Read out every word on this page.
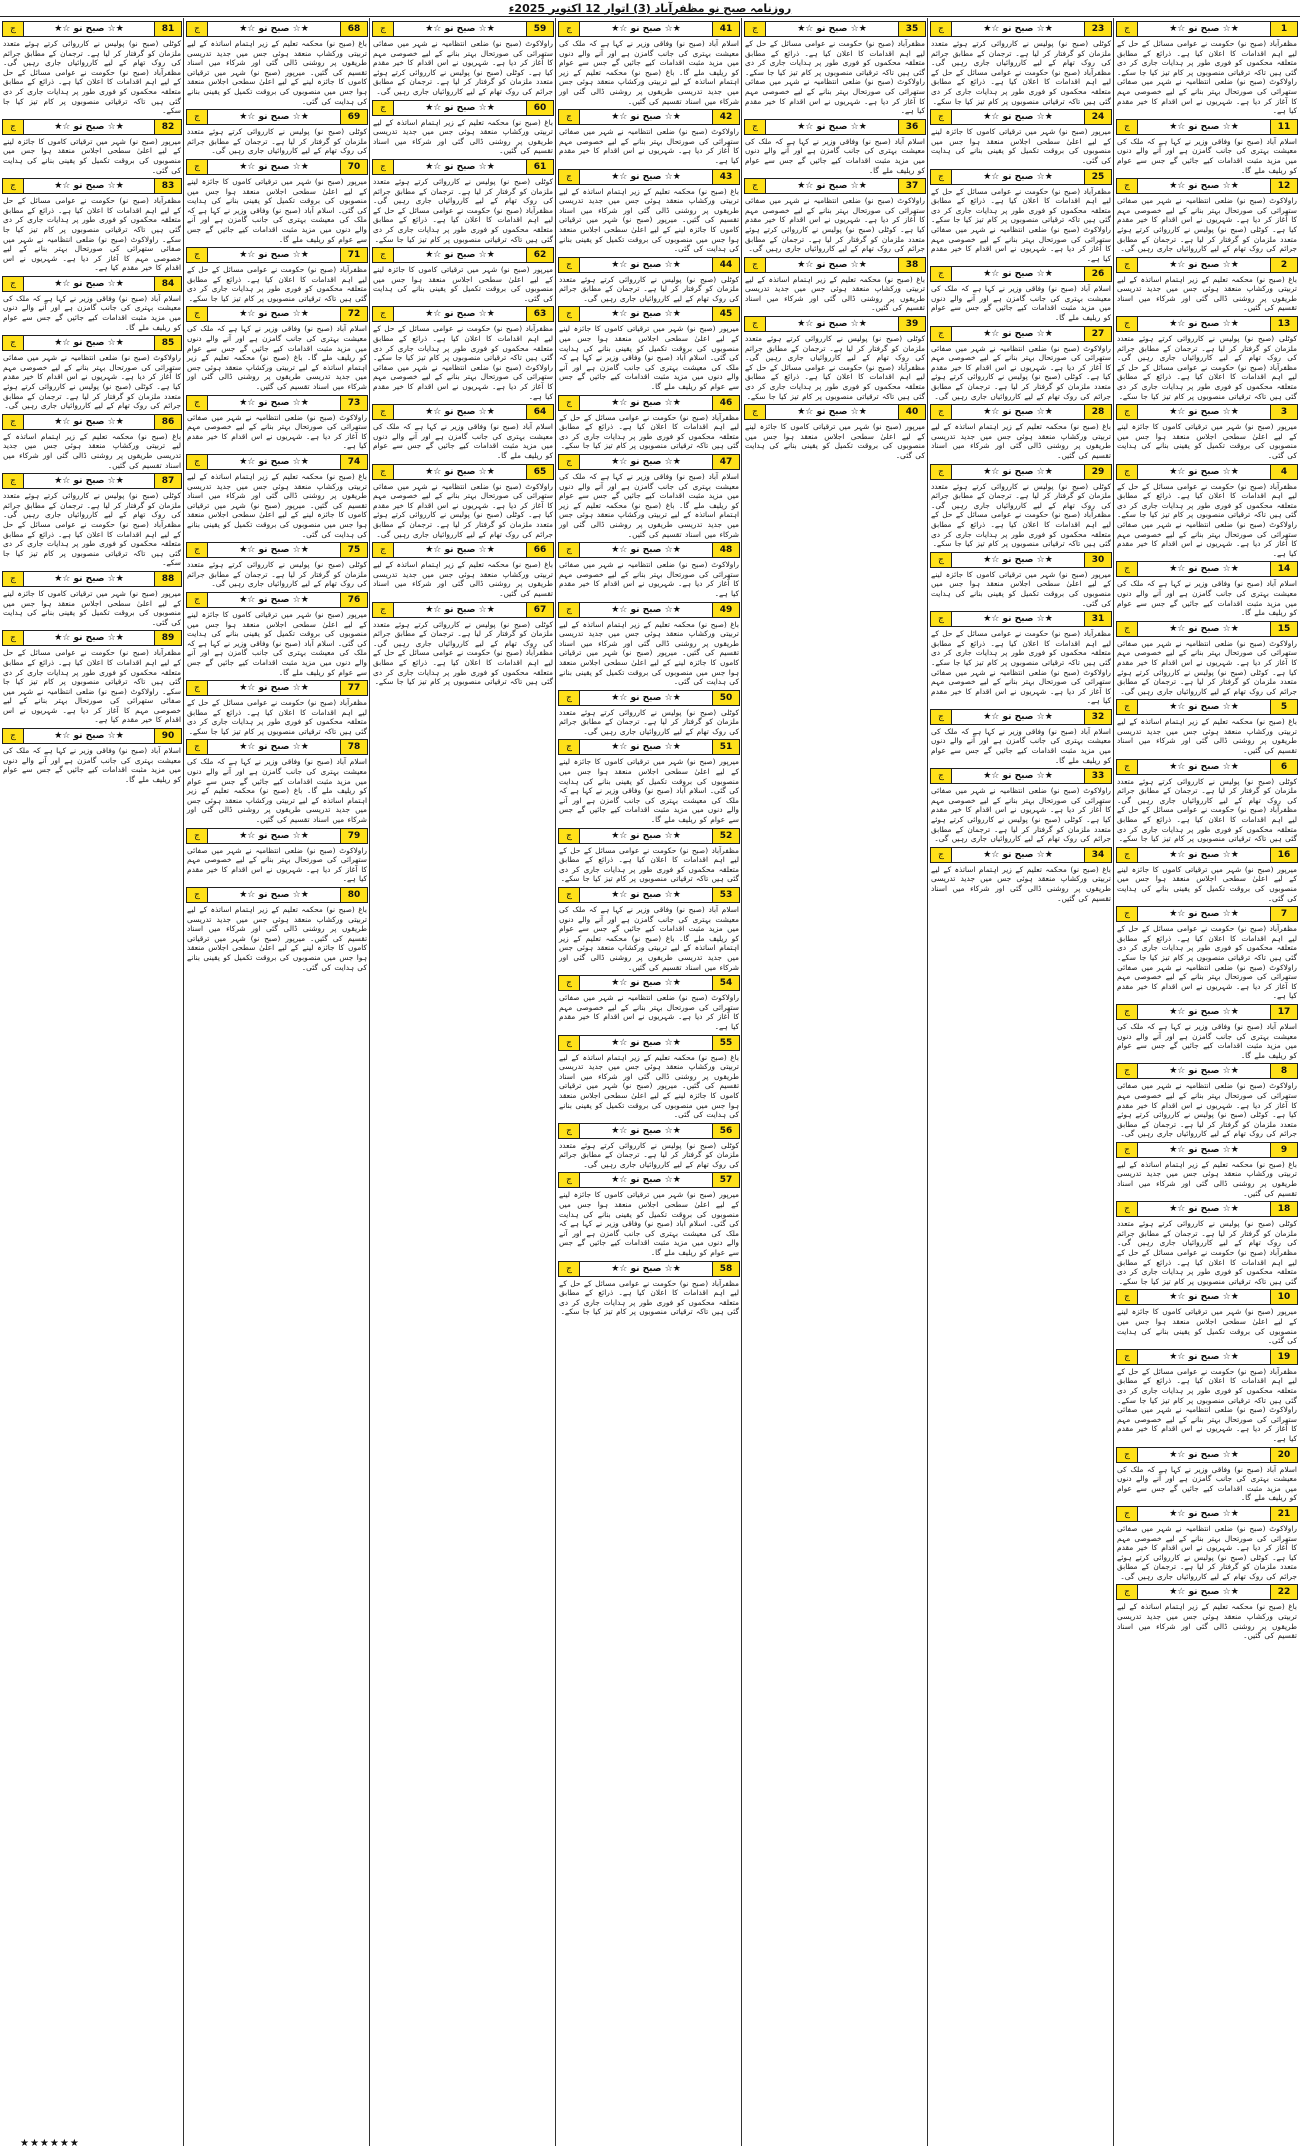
روزنامہ صبح نو مظفرآباد (3) اتوار 12 اکتوبر 2025ء
1
★☆ صبح نو ☆★
ج
مظفرآباد (صبح نو) حکومت نے عوامی مسائل کے حل کے لیے اہم اقدامات کا اعلان کیا ہے۔ ذرائع کے مطابق متعلقہ محکموں کو فوری طور پر ہدایات جاری کر دی گئی ہیں تاکہ ترقیاتی منصوبوں پر کام تیز کیا جا سکے۔ راولاکوٹ (صبح نو) ضلعی انتظامیہ نے شہر میں صفائی ستھرائی کی صورتحال بہتر بنانے کے لیے خصوصی مہم کا آغاز کر دیا ہے۔ شہریوں نے اس اقدام کا خیر مقدم کیا ہے۔
11
★☆ صبح نو ☆★
ج
اسلام آباد (صبح نو) وفاقی وزیر نے کہا ہے کہ ملک کی معیشت بہتری کی جانب گامزن ہے اور آنے والے دنوں میں مزید مثبت اقدامات کیے جائیں گے جس سے عوام کو ریلیف ملے گا۔
12
★☆ صبح نو ☆★
ج
راولاکوٹ (صبح نو) ضلعی انتظامیہ نے شہر میں صفائی ستھرائی کی صورتحال بہتر بنانے کے لیے خصوصی مہم کا آغاز کر دیا ہے۔ شہریوں نے اس اقدام کا خیر مقدم کیا ہے۔ کوٹلی (صبح نو) پولیس نے کارروائی کرتے ہوئے متعدد ملزمان کو گرفتار کر لیا ہے۔ ترجمان کے مطابق جرائم کی روک تھام کے لیے کارروائیاں جاری رہیں گی۔
2
★☆ صبح نو ☆★
ج
باغ (صبح نو) محکمہ تعلیم کے زیر اہتمام اساتذہ کے لیے تربیتی ورکشاپ منعقد ہوئی جس میں جدید تدریسی طریقوں پر روشنی ڈالی گئی اور شرکاء میں اسناد تقسیم کی گئیں۔
13
★☆ صبح نو ☆★
ج
کوٹلی (صبح نو) پولیس نے کارروائی کرتے ہوئے متعدد ملزمان کو گرفتار کر لیا ہے۔ ترجمان کے مطابق جرائم کی روک تھام کے لیے کارروائیاں جاری رہیں گی۔ مظفرآباد (صبح نو) حکومت نے عوامی مسائل کے حل کے لیے اہم اقدامات کا اعلان کیا ہے۔ ذرائع کے مطابق متعلقہ محکموں کو فوری طور پر ہدایات جاری کر دی گئی ہیں تاکہ ترقیاتی منصوبوں پر کام تیز کیا جا سکے۔
3
★☆ صبح نو ☆★
ج
میرپور (صبح نو) شہر میں ترقیاتی کاموں کا جائزہ لینے کے لیے اعلیٰ سطحی اجلاس منعقد ہوا جس میں منصوبوں کی بروقت تکمیل کو یقینی بنانے کی ہدایت کی گئی۔
4
★☆ صبح نو ☆★
ج
مظفرآباد (صبح نو) حکومت نے عوامی مسائل کے حل کے لیے اہم اقدامات کا اعلان کیا ہے۔ ذرائع کے مطابق متعلقہ محکموں کو فوری طور پر ہدایات جاری کر دی گئی ہیں تاکہ ترقیاتی منصوبوں پر کام تیز کیا جا سکے۔ راولاکوٹ (صبح نو) ضلعی انتظامیہ نے شہر میں صفائی ستھرائی کی صورتحال بہتر بنانے کے لیے خصوصی مہم کا آغاز کر دیا ہے۔ شہریوں نے اس اقدام کا خیر مقدم کیا ہے۔
14
★☆ صبح نو ☆★
ج
اسلام آباد (صبح نو) وفاقی وزیر نے کہا ہے کہ ملک کی معیشت بہتری کی جانب گامزن ہے اور آنے والے دنوں میں مزید مثبت اقدامات کیے جائیں گے جس سے عوام کو ریلیف ملے گا۔
15
★☆ صبح نو ☆★
ج
راولاکوٹ (صبح نو) ضلعی انتظامیہ نے شہر میں صفائی ستھرائی کی صورتحال بہتر بنانے کے لیے خصوصی مہم کا آغاز کر دیا ہے۔ شہریوں نے اس اقدام کا خیر مقدم کیا ہے۔ کوٹلی (صبح نو) پولیس نے کارروائی کرتے ہوئے متعدد ملزمان کو گرفتار کر لیا ہے۔ ترجمان کے مطابق جرائم کی روک تھام کے لیے کارروائیاں جاری رہیں گی۔
5
★☆ صبح نو ☆★
ج
باغ (صبح نو) محکمہ تعلیم کے زیر اہتمام اساتذہ کے لیے تربیتی ورکشاپ منعقد ہوئی جس میں جدید تدریسی طریقوں پر روشنی ڈالی گئی اور شرکاء میں اسناد تقسیم کی گئیں۔
6
★☆ صبح نو ☆★
ج
کوٹلی (صبح نو) پولیس نے کارروائی کرتے ہوئے متعدد ملزمان کو گرفتار کر لیا ہے۔ ترجمان کے مطابق جرائم کی روک تھام کے لیے کارروائیاں جاری رہیں گی۔ مظفرآباد (صبح نو) حکومت نے عوامی مسائل کے حل کے لیے اہم اقدامات کا اعلان کیا ہے۔ ذرائع کے مطابق متعلقہ محکموں کو فوری طور پر ہدایات جاری کر دی گئی ہیں تاکہ ترقیاتی منصوبوں پر کام تیز کیا جا سکے۔
16
★☆ صبح نو ☆★
ج
میرپور (صبح نو) شہر میں ترقیاتی کاموں کا جائزہ لینے کے لیے اعلیٰ سطحی اجلاس منعقد ہوا جس میں منصوبوں کی بروقت تکمیل کو یقینی بنانے کی ہدایت کی گئی۔
7
★☆ صبح نو ☆★
ج
مظفرآباد (صبح نو) حکومت نے عوامی مسائل کے حل کے لیے اہم اقدامات کا اعلان کیا ہے۔ ذرائع کے مطابق متعلقہ محکموں کو فوری طور پر ہدایات جاری کر دی گئی ہیں تاکہ ترقیاتی منصوبوں پر کام تیز کیا جا سکے۔ راولاکوٹ (صبح نو) ضلعی انتظامیہ نے شہر میں صفائی ستھرائی کی صورتحال بہتر بنانے کے لیے خصوصی مہم کا آغاز کر دیا ہے۔ شہریوں نے اس اقدام کا خیر مقدم کیا ہے۔
17
★☆ صبح نو ☆★
ج
اسلام آباد (صبح نو) وفاقی وزیر نے کہا ہے کہ ملک کی معیشت بہتری کی جانب گامزن ہے اور آنے والے دنوں میں مزید مثبت اقدامات کیے جائیں گے جس سے عوام کو ریلیف ملے گا۔
8
★☆ صبح نو ☆★
ج
راولاکوٹ (صبح نو) ضلعی انتظامیہ نے شہر میں صفائی ستھرائی کی صورتحال بہتر بنانے کے لیے خصوصی مہم کا آغاز کر دیا ہے۔ شہریوں نے اس اقدام کا خیر مقدم کیا ہے۔ کوٹلی (صبح نو) پولیس نے کارروائی کرتے ہوئے متعدد ملزمان کو گرفتار کر لیا ہے۔ ترجمان کے مطابق جرائم کی روک تھام کے لیے کارروائیاں جاری رہیں گی۔
9
★☆ صبح نو ☆★
ج
باغ (صبح نو) محکمہ تعلیم کے زیر اہتمام اساتذہ کے لیے تربیتی ورکشاپ منعقد ہوئی جس میں جدید تدریسی طریقوں پر روشنی ڈالی گئی اور شرکاء میں اسناد تقسیم کی گئیں۔
18
★☆ صبح نو ☆★
ج
کوٹلی (صبح نو) پولیس نے کارروائی کرتے ہوئے متعدد ملزمان کو گرفتار کر لیا ہے۔ ترجمان کے مطابق جرائم کی روک تھام کے لیے کارروائیاں جاری رہیں گی۔ مظفرآباد (صبح نو) حکومت نے عوامی مسائل کے حل کے لیے اہم اقدامات کا اعلان کیا ہے۔ ذرائع کے مطابق متعلقہ محکموں کو فوری طور پر ہدایات جاری کر دی گئی ہیں تاکہ ترقیاتی منصوبوں پر کام تیز کیا جا سکے۔
10
★☆ صبح نو ☆★
ج
میرپور (صبح نو) شہر میں ترقیاتی کاموں کا جائزہ لینے کے لیے اعلیٰ سطحی اجلاس منعقد ہوا جس میں منصوبوں کی بروقت تکمیل کو یقینی بنانے کی ہدایت کی گئی۔
19
★☆ صبح نو ☆★
ج
مظفرآباد (صبح نو) حکومت نے عوامی مسائل کے حل کے لیے اہم اقدامات کا اعلان کیا ہے۔ ذرائع کے مطابق متعلقہ محکموں کو فوری طور پر ہدایات جاری کر دی گئی ہیں تاکہ ترقیاتی منصوبوں پر کام تیز کیا جا سکے۔ راولاکوٹ (صبح نو) ضلعی انتظامیہ نے شہر میں صفائی ستھرائی کی صورتحال بہتر بنانے کے لیے خصوصی مہم کا آغاز کر دیا ہے۔ شہریوں نے اس اقدام کا خیر مقدم کیا ہے۔
20
★☆ صبح نو ☆★
ج
اسلام آباد (صبح نو) وفاقی وزیر نے کہا ہے کہ ملک کی معیشت بہتری کی جانب گامزن ہے اور آنے والے دنوں میں مزید مثبت اقدامات کیے جائیں گے جس سے عوام کو ریلیف ملے گا۔
21
★☆ صبح نو ☆★
ج
راولاکوٹ (صبح نو) ضلعی انتظامیہ نے شہر میں صفائی ستھرائی کی صورتحال بہتر بنانے کے لیے خصوصی مہم کا آغاز کر دیا ہے۔ شہریوں نے اس اقدام کا خیر مقدم کیا ہے۔ کوٹلی (صبح نو) پولیس نے کارروائی کرتے ہوئے متعدد ملزمان کو گرفتار کر لیا ہے۔ ترجمان کے مطابق جرائم کی روک تھام کے لیے کارروائیاں جاری رہیں گی۔
22
★☆ صبح نو ☆★
ج
باغ (صبح نو) محکمہ تعلیم کے زیر اہتمام اساتذہ کے لیے تربیتی ورکشاپ منعقد ہوئی جس میں جدید تدریسی طریقوں پر روشنی ڈالی گئی اور شرکاء میں اسناد تقسیم کی گئیں۔
23
★☆ صبح نو ☆★
ج
کوٹلی (صبح نو) پولیس نے کارروائی کرتے ہوئے متعدد ملزمان کو گرفتار کر لیا ہے۔ ترجمان کے مطابق جرائم کی روک تھام کے لیے کارروائیاں جاری رہیں گی۔ مظفرآباد (صبح نو) حکومت نے عوامی مسائل کے حل کے لیے اہم اقدامات کا اعلان کیا ہے۔ ذرائع کے مطابق متعلقہ محکموں کو فوری طور پر ہدایات جاری کر دی گئی ہیں تاکہ ترقیاتی منصوبوں پر کام تیز کیا جا سکے۔
24
★☆ صبح نو ☆★
ج
میرپور (صبح نو) شہر میں ترقیاتی کاموں کا جائزہ لینے کے لیے اعلیٰ سطحی اجلاس منعقد ہوا جس میں منصوبوں کی بروقت تکمیل کو یقینی بنانے کی ہدایت کی گئی۔
25
★☆ صبح نو ☆★
ج
مظفرآباد (صبح نو) حکومت نے عوامی مسائل کے حل کے لیے اہم اقدامات کا اعلان کیا ہے۔ ذرائع کے مطابق متعلقہ محکموں کو فوری طور پر ہدایات جاری کر دی گئی ہیں تاکہ ترقیاتی منصوبوں پر کام تیز کیا جا سکے۔ راولاکوٹ (صبح نو) ضلعی انتظامیہ نے شہر میں صفائی ستھرائی کی صورتحال بہتر بنانے کے لیے خصوصی مہم کا آغاز کر دیا ہے۔ شہریوں نے اس اقدام کا خیر مقدم کیا ہے۔
26
★☆ صبح نو ☆★
ج
اسلام آباد (صبح نو) وفاقی وزیر نے کہا ہے کہ ملک کی معیشت بہتری کی جانب گامزن ہے اور آنے والے دنوں میں مزید مثبت اقدامات کیے جائیں گے جس سے عوام کو ریلیف ملے گا۔
27
★☆ صبح نو ☆★
ج
راولاکوٹ (صبح نو) ضلعی انتظامیہ نے شہر میں صفائی ستھرائی کی صورتحال بہتر بنانے کے لیے خصوصی مہم کا آغاز کر دیا ہے۔ شہریوں نے اس اقدام کا خیر مقدم کیا ہے۔ کوٹلی (صبح نو) پولیس نے کارروائی کرتے ہوئے متعدد ملزمان کو گرفتار کر لیا ہے۔ ترجمان کے مطابق جرائم کی روک تھام کے لیے کارروائیاں جاری رہیں گی۔
28
★☆ صبح نو ☆★
ج
باغ (صبح نو) محکمہ تعلیم کے زیر اہتمام اساتذہ کے لیے تربیتی ورکشاپ منعقد ہوئی جس میں جدید تدریسی طریقوں پر روشنی ڈالی گئی اور شرکاء میں اسناد تقسیم کی گئیں۔
29
★☆ صبح نو ☆★
ج
کوٹلی (صبح نو) پولیس نے کارروائی کرتے ہوئے متعدد ملزمان کو گرفتار کر لیا ہے۔ ترجمان کے مطابق جرائم کی روک تھام کے لیے کارروائیاں جاری رہیں گی۔ مظفرآباد (صبح نو) حکومت نے عوامی مسائل کے حل کے لیے اہم اقدامات کا اعلان کیا ہے۔ ذرائع کے مطابق متعلقہ محکموں کو فوری طور پر ہدایات جاری کر دی گئی ہیں تاکہ ترقیاتی منصوبوں پر کام تیز کیا جا سکے۔
30
★☆ صبح نو ☆★
ج
میرپور (صبح نو) شہر میں ترقیاتی کاموں کا جائزہ لینے کے لیے اعلیٰ سطحی اجلاس منعقد ہوا جس میں منصوبوں کی بروقت تکمیل کو یقینی بنانے کی ہدایت کی گئی۔
31
★☆ صبح نو ☆★
ج
مظفرآباد (صبح نو) حکومت نے عوامی مسائل کے حل کے لیے اہم اقدامات کا اعلان کیا ہے۔ ذرائع کے مطابق متعلقہ محکموں کو فوری طور پر ہدایات جاری کر دی گئی ہیں تاکہ ترقیاتی منصوبوں پر کام تیز کیا جا سکے۔ راولاکوٹ (صبح نو) ضلعی انتظامیہ نے شہر میں صفائی ستھرائی کی صورتحال بہتر بنانے کے لیے خصوصی مہم کا آغاز کر دیا ہے۔ شہریوں نے اس اقدام کا خیر مقدم کیا ہے۔
32
★☆ صبح نو ☆★
ج
اسلام آباد (صبح نو) وفاقی وزیر نے کہا ہے کہ ملک کی معیشت بہتری کی جانب گامزن ہے اور آنے والے دنوں میں مزید مثبت اقدامات کیے جائیں گے جس سے عوام کو ریلیف ملے گا۔
33
★☆ صبح نو ☆★
ج
راولاکوٹ (صبح نو) ضلعی انتظامیہ نے شہر میں صفائی ستھرائی کی صورتحال بہتر بنانے کے لیے خصوصی مہم کا آغاز کر دیا ہے۔ شہریوں نے اس اقدام کا خیر مقدم کیا ہے۔ کوٹلی (صبح نو) پولیس نے کارروائی کرتے ہوئے متعدد ملزمان کو گرفتار کر لیا ہے۔ ترجمان کے مطابق جرائم کی روک تھام کے لیے کارروائیاں جاری رہیں گی۔
34
★☆ صبح نو ☆★
ج
باغ (صبح نو) محکمہ تعلیم کے زیر اہتمام اساتذہ کے لیے تربیتی ورکشاپ منعقد ہوئی جس میں جدید تدریسی طریقوں پر روشنی ڈالی گئی اور شرکاء میں اسناد تقسیم کی گئیں۔
35
★☆ صبح نو ☆★
ج
مظفرآباد (صبح نو) حکومت نے عوامی مسائل کے حل کے لیے اہم اقدامات کا اعلان کیا ہے۔ ذرائع کے مطابق متعلقہ محکموں کو فوری طور پر ہدایات جاری کر دی گئی ہیں تاکہ ترقیاتی منصوبوں پر کام تیز کیا جا سکے۔ راولاکوٹ (صبح نو) ضلعی انتظامیہ نے شہر میں صفائی ستھرائی کی صورتحال بہتر بنانے کے لیے خصوصی مہم کا آغاز کر دیا ہے۔ شہریوں نے اس اقدام کا خیر مقدم کیا ہے۔
36
★☆ صبح نو ☆★
ج
اسلام آباد (صبح نو) وفاقی وزیر نے کہا ہے کہ ملک کی معیشت بہتری کی جانب گامزن ہے اور آنے والے دنوں میں مزید مثبت اقدامات کیے جائیں گے جس سے عوام کو ریلیف ملے گا۔
37
★☆ صبح نو ☆★
ج
راولاکوٹ (صبح نو) ضلعی انتظامیہ نے شہر میں صفائی ستھرائی کی صورتحال بہتر بنانے کے لیے خصوصی مہم کا آغاز کر دیا ہے۔ شہریوں نے اس اقدام کا خیر مقدم کیا ہے۔ کوٹلی (صبح نو) پولیس نے کارروائی کرتے ہوئے متعدد ملزمان کو گرفتار کر لیا ہے۔ ترجمان کے مطابق جرائم کی روک تھام کے لیے کارروائیاں جاری رہیں گی۔
38
★☆ صبح نو ☆★
ج
باغ (صبح نو) محکمہ تعلیم کے زیر اہتمام اساتذہ کے لیے تربیتی ورکشاپ منعقد ہوئی جس میں جدید تدریسی طریقوں پر روشنی ڈالی گئی اور شرکاء میں اسناد تقسیم کی گئیں۔
39
★☆ صبح نو ☆★
ج
کوٹلی (صبح نو) پولیس نے کارروائی کرتے ہوئے متعدد ملزمان کو گرفتار کر لیا ہے۔ ترجمان کے مطابق جرائم کی روک تھام کے لیے کارروائیاں جاری رہیں گی۔ مظفرآباد (صبح نو) حکومت نے عوامی مسائل کے حل کے لیے اہم اقدامات کا اعلان کیا ہے۔ ذرائع کے مطابق متعلقہ محکموں کو فوری طور پر ہدایات جاری کر دی گئی ہیں تاکہ ترقیاتی منصوبوں پر کام تیز کیا جا سکے۔
40
★☆ صبح نو ☆★
ج
میرپور (صبح نو) شہر میں ترقیاتی کاموں کا جائزہ لینے کے لیے اعلیٰ سطحی اجلاس منعقد ہوا جس میں منصوبوں کی بروقت تکمیل کو یقینی بنانے کی ہدایت کی گئی۔
41
★☆ صبح نو ☆★
ج
اسلام آباد (صبح نو) وفاقی وزیر نے کہا ہے کہ ملک کی معیشت بہتری کی جانب گامزن ہے اور آنے والے دنوں میں مزید مثبت اقدامات کیے جائیں گے جس سے عوام کو ریلیف ملے گا۔ باغ (صبح نو) محکمہ تعلیم کے زیر اہتمام اساتذہ کے لیے تربیتی ورکشاپ منعقد ہوئی جس میں جدید تدریسی طریقوں پر روشنی ڈالی گئی اور شرکاء میں اسناد تقسیم کی گئیں۔
42
★☆ صبح نو ☆★
ج
راولاکوٹ (صبح نو) ضلعی انتظامیہ نے شہر میں صفائی ستھرائی کی صورتحال بہتر بنانے کے لیے خصوصی مہم کا آغاز کر دیا ہے۔ شہریوں نے اس اقدام کا خیر مقدم کیا ہے۔
43
★☆ صبح نو ☆★
ج
باغ (صبح نو) محکمہ تعلیم کے زیر اہتمام اساتذہ کے لیے تربیتی ورکشاپ منعقد ہوئی جس میں جدید تدریسی طریقوں پر روشنی ڈالی گئی اور شرکاء میں اسناد تقسیم کی گئیں۔ میرپور (صبح نو) شہر میں ترقیاتی کاموں کا جائزہ لینے کے لیے اعلیٰ سطحی اجلاس منعقد ہوا جس میں منصوبوں کی بروقت تکمیل کو یقینی بنانے کی ہدایت کی گئی۔
44
★☆ صبح نو ☆★
ج
کوٹلی (صبح نو) پولیس نے کارروائی کرتے ہوئے متعدد ملزمان کو گرفتار کر لیا ہے۔ ترجمان کے مطابق جرائم کی روک تھام کے لیے کارروائیاں جاری رہیں گی۔
45
★☆ صبح نو ☆★
ج
میرپور (صبح نو) شہر میں ترقیاتی کاموں کا جائزہ لینے کے لیے اعلیٰ سطحی اجلاس منعقد ہوا جس میں منصوبوں کی بروقت تکمیل کو یقینی بنانے کی ہدایت کی گئی۔ اسلام آباد (صبح نو) وفاقی وزیر نے کہا ہے کہ ملک کی معیشت بہتری کی جانب گامزن ہے اور آنے والے دنوں میں مزید مثبت اقدامات کیے جائیں گے جس سے عوام کو ریلیف ملے گا۔
46
★☆ صبح نو ☆★
ج
مظفرآباد (صبح نو) حکومت نے عوامی مسائل کے حل کے لیے اہم اقدامات کا اعلان کیا ہے۔ ذرائع کے مطابق متعلقہ محکموں کو فوری طور پر ہدایات جاری کر دی گئی ہیں تاکہ ترقیاتی منصوبوں پر کام تیز کیا جا سکے۔
47
★☆ صبح نو ☆★
ج
اسلام آباد (صبح نو) وفاقی وزیر نے کہا ہے کہ ملک کی معیشت بہتری کی جانب گامزن ہے اور آنے والے دنوں میں مزید مثبت اقدامات کیے جائیں گے جس سے عوام کو ریلیف ملے گا۔ باغ (صبح نو) محکمہ تعلیم کے زیر اہتمام اساتذہ کے لیے تربیتی ورکشاپ منعقد ہوئی جس میں جدید تدریسی طریقوں پر روشنی ڈالی گئی اور شرکاء میں اسناد تقسیم کی گئیں۔
48
★☆ صبح نو ☆★
ج
راولاکوٹ (صبح نو) ضلعی انتظامیہ نے شہر میں صفائی ستھرائی کی صورتحال بہتر بنانے کے لیے خصوصی مہم کا آغاز کر دیا ہے۔ شہریوں نے اس اقدام کا خیر مقدم کیا ہے۔
49
★☆ صبح نو ☆★
ج
باغ (صبح نو) محکمہ تعلیم کے زیر اہتمام اساتذہ کے لیے تربیتی ورکشاپ منعقد ہوئی جس میں جدید تدریسی طریقوں پر روشنی ڈالی گئی اور شرکاء میں اسناد تقسیم کی گئیں۔ میرپور (صبح نو) شہر میں ترقیاتی کاموں کا جائزہ لینے کے لیے اعلیٰ سطحی اجلاس منعقد ہوا جس میں منصوبوں کی بروقت تکمیل کو یقینی بنانے کی ہدایت کی گئی۔
50
★☆ صبح نو ☆★
ج
کوٹلی (صبح نو) پولیس نے کارروائی کرتے ہوئے متعدد ملزمان کو گرفتار کر لیا ہے۔ ترجمان کے مطابق جرائم کی روک تھام کے لیے کارروائیاں جاری رہیں گی۔
51
★☆ صبح نو ☆★
ج
میرپور (صبح نو) شہر میں ترقیاتی کاموں کا جائزہ لینے کے لیے اعلیٰ سطحی اجلاس منعقد ہوا جس میں منصوبوں کی بروقت تکمیل کو یقینی بنانے کی ہدایت کی گئی۔ اسلام آباد (صبح نو) وفاقی وزیر نے کہا ہے کہ ملک کی معیشت بہتری کی جانب گامزن ہے اور آنے والے دنوں میں مزید مثبت اقدامات کیے جائیں گے جس سے عوام کو ریلیف ملے گا۔
52
★☆ صبح نو ☆★
ج
مظفرآباد (صبح نو) حکومت نے عوامی مسائل کے حل کے لیے اہم اقدامات کا اعلان کیا ہے۔ ذرائع کے مطابق متعلقہ محکموں کو فوری طور پر ہدایات جاری کر دی گئی ہیں تاکہ ترقیاتی منصوبوں پر کام تیز کیا جا سکے۔
53
★☆ صبح نو ☆★
ج
اسلام آباد (صبح نو) وفاقی وزیر نے کہا ہے کہ ملک کی معیشت بہتری کی جانب گامزن ہے اور آنے والے دنوں میں مزید مثبت اقدامات کیے جائیں گے جس سے عوام کو ریلیف ملے گا۔ باغ (صبح نو) محکمہ تعلیم کے زیر اہتمام اساتذہ کے لیے تربیتی ورکشاپ منعقد ہوئی جس میں جدید تدریسی طریقوں پر روشنی ڈالی گئی اور شرکاء میں اسناد تقسیم کی گئیں۔
54
★☆ صبح نو ☆★
ج
راولاکوٹ (صبح نو) ضلعی انتظامیہ نے شہر میں صفائی ستھرائی کی صورتحال بہتر بنانے کے لیے خصوصی مہم کا آغاز کر دیا ہے۔ شہریوں نے اس اقدام کا خیر مقدم کیا ہے۔
55
★☆ صبح نو ☆★
ج
باغ (صبح نو) محکمہ تعلیم کے زیر اہتمام اساتذہ کے لیے تربیتی ورکشاپ منعقد ہوئی جس میں جدید تدریسی طریقوں پر روشنی ڈالی گئی اور شرکاء میں اسناد تقسیم کی گئیں۔ میرپور (صبح نو) شہر میں ترقیاتی کاموں کا جائزہ لینے کے لیے اعلیٰ سطحی اجلاس منعقد ہوا جس میں منصوبوں کی بروقت تکمیل کو یقینی بنانے کی ہدایت کی گئی۔
56
★☆ صبح نو ☆★
ج
کوٹلی (صبح نو) پولیس نے کارروائی کرتے ہوئے متعدد ملزمان کو گرفتار کر لیا ہے۔ ترجمان کے مطابق جرائم کی روک تھام کے لیے کارروائیاں جاری رہیں گی۔
57
★☆ صبح نو ☆★
ج
میرپور (صبح نو) شہر میں ترقیاتی کاموں کا جائزہ لینے کے لیے اعلیٰ سطحی اجلاس منعقد ہوا جس میں منصوبوں کی بروقت تکمیل کو یقینی بنانے کی ہدایت کی گئی۔ اسلام آباد (صبح نو) وفاقی وزیر نے کہا ہے کہ ملک کی معیشت بہتری کی جانب گامزن ہے اور آنے والے دنوں میں مزید مثبت اقدامات کیے جائیں گے جس سے عوام کو ریلیف ملے گا۔
58
★☆ صبح نو ☆★
ج
مظفرآباد (صبح نو) حکومت نے عوامی مسائل کے حل کے لیے اہم اقدامات کا اعلان کیا ہے۔ ذرائع کے مطابق متعلقہ محکموں کو فوری طور پر ہدایات جاری کر دی گئی ہیں تاکہ ترقیاتی منصوبوں پر کام تیز کیا جا سکے۔
59
★☆ صبح نو ☆★
ج
راولاکوٹ (صبح نو) ضلعی انتظامیہ نے شہر میں صفائی ستھرائی کی صورتحال بہتر بنانے کے لیے خصوصی مہم کا آغاز کر دیا ہے۔ شہریوں نے اس اقدام کا خیر مقدم کیا ہے۔ کوٹلی (صبح نو) پولیس نے کارروائی کرتے ہوئے متعدد ملزمان کو گرفتار کر لیا ہے۔ ترجمان کے مطابق جرائم کی روک تھام کے لیے کارروائیاں جاری رہیں گی۔
60
★☆ صبح نو ☆★
ج
باغ (صبح نو) محکمہ تعلیم کے زیر اہتمام اساتذہ کے لیے تربیتی ورکشاپ منعقد ہوئی جس میں جدید تدریسی طریقوں پر روشنی ڈالی گئی اور شرکاء میں اسناد تقسیم کی گئیں۔
61
★☆ صبح نو ☆★
ج
کوٹلی (صبح نو) پولیس نے کارروائی کرتے ہوئے متعدد ملزمان کو گرفتار کر لیا ہے۔ ترجمان کے مطابق جرائم کی روک تھام کے لیے کارروائیاں جاری رہیں گی۔ مظفرآباد (صبح نو) حکومت نے عوامی مسائل کے حل کے لیے اہم اقدامات کا اعلان کیا ہے۔ ذرائع کے مطابق متعلقہ محکموں کو فوری طور پر ہدایات جاری کر دی گئی ہیں تاکہ ترقیاتی منصوبوں پر کام تیز کیا جا سکے۔
62
★☆ صبح نو ☆★
ج
میرپور (صبح نو) شہر میں ترقیاتی کاموں کا جائزہ لینے کے لیے اعلیٰ سطحی اجلاس منعقد ہوا جس میں منصوبوں کی بروقت تکمیل کو یقینی بنانے کی ہدایت کی گئی۔
63
★☆ صبح نو ☆★
ج
مظفرآباد (صبح نو) حکومت نے عوامی مسائل کے حل کے لیے اہم اقدامات کا اعلان کیا ہے۔ ذرائع کے مطابق متعلقہ محکموں کو فوری طور پر ہدایات جاری کر دی گئی ہیں تاکہ ترقیاتی منصوبوں پر کام تیز کیا جا سکے۔ راولاکوٹ (صبح نو) ضلعی انتظامیہ نے شہر میں صفائی ستھرائی کی صورتحال بہتر بنانے کے لیے خصوصی مہم کا آغاز کر دیا ہے۔ شہریوں نے اس اقدام کا خیر مقدم کیا ہے۔
64
★☆ صبح نو ☆★
ج
اسلام آباد (صبح نو) وفاقی وزیر نے کہا ہے کہ ملک کی معیشت بہتری کی جانب گامزن ہے اور آنے والے دنوں میں مزید مثبت اقدامات کیے جائیں گے جس سے عوام کو ریلیف ملے گا۔
65
★☆ صبح نو ☆★
ج
راولاکوٹ (صبح نو) ضلعی انتظامیہ نے شہر میں صفائی ستھرائی کی صورتحال بہتر بنانے کے لیے خصوصی مہم کا آغاز کر دیا ہے۔ شہریوں نے اس اقدام کا خیر مقدم کیا ہے۔ کوٹلی (صبح نو) پولیس نے کارروائی کرتے ہوئے متعدد ملزمان کو گرفتار کر لیا ہے۔ ترجمان کے مطابق جرائم کی روک تھام کے لیے کارروائیاں جاری رہیں گی۔
66
★☆ صبح نو ☆★
ج
باغ (صبح نو) محکمہ تعلیم کے زیر اہتمام اساتذہ کے لیے تربیتی ورکشاپ منعقد ہوئی جس میں جدید تدریسی طریقوں پر روشنی ڈالی گئی اور شرکاء میں اسناد تقسیم کی گئیں۔
67
★☆ صبح نو ☆★
ج
کوٹلی (صبح نو) پولیس نے کارروائی کرتے ہوئے متعدد ملزمان کو گرفتار کر لیا ہے۔ ترجمان کے مطابق جرائم کی روک تھام کے لیے کارروائیاں جاری رہیں گی۔ مظفرآباد (صبح نو) حکومت نے عوامی مسائل کے حل کے لیے اہم اقدامات کا اعلان کیا ہے۔ ذرائع کے مطابق متعلقہ محکموں کو فوری طور پر ہدایات جاری کر دی گئی ہیں تاکہ ترقیاتی منصوبوں پر کام تیز کیا جا سکے۔
68
★☆ صبح نو ☆★
ج
باغ (صبح نو) محکمہ تعلیم کے زیر اہتمام اساتذہ کے لیے تربیتی ورکشاپ منعقد ہوئی جس میں جدید تدریسی طریقوں پر روشنی ڈالی گئی اور شرکاء میں اسناد تقسیم کی گئیں۔ میرپور (صبح نو) شہر میں ترقیاتی کاموں کا جائزہ لینے کے لیے اعلیٰ سطحی اجلاس منعقد ہوا جس میں منصوبوں کی بروقت تکمیل کو یقینی بنانے کی ہدایت کی گئی۔
69
★☆ صبح نو ☆★
ج
کوٹلی (صبح نو) پولیس نے کارروائی کرتے ہوئے متعدد ملزمان کو گرفتار کر لیا ہے۔ ترجمان کے مطابق جرائم کی روک تھام کے لیے کارروائیاں جاری رہیں گی۔
70
★☆ صبح نو ☆★
ج
میرپور (صبح نو) شہر میں ترقیاتی کاموں کا جائزہ لینے کے لیے اعلیٰ سطحی اجلاس منعقد ہوا جس میں منصوبوں کی بروقت تکمیل کو یقینی بنانے کی ہدایت کی گئی۔ اسلام آباد (صبح نو) وفاقی وزیر نے کہا ہے کہ ملک کی معیشت بہتری کی جانب گامزن ہے اور آنے والے دنوں میں مزید مثبت اقدامات کیے جائیں گے جس سے عوام کو ریلیف ملے گا۔
71
★☆ صبح نو ☆★
ج
مظفرآباد (صبح نو) حکومت نے عوامی مسائل کے حل کے لیے اہم اقدامات کا اعلان کیا ہے۔ ذرائع کے مطابق متعلقہ محکموں کو فوری طور پر ہدایات جاری کر دی گئی ہیں تاکہ ترقیاتی منصوبوں پر کام تیز کیا جا سکے۔
72
★☆ صبح نو ☆★
ج
اسلام آباد (صبح نو) وفاقی وزیر نے کہا ہے کہ ملک کی معیشت بہتری کی جانب گامزن ہے اور آنے والے دنوں میں مزید مثبت اقدامات کیے جائیں گے جس سے عوام کو ریلیف ملے گا۔ باغ (صبح نو) محکمہ تعلیم کے زیر اہتمام اساتذہ کے لیے تربیتی ورکشاپ منعقد ہوئی جس میں جدید تدریسی طریقوں پر روشنی ڈالی گئی اور شرکاء میں اسناد تقسیم کی گئیں۔
73
★☆ صبح نو ☆★
ج
راولاکوٹ (صبح نو) ضلعی انتظامیہ نے شہر میں صفائی ستھرائی کی صورتحال بہتر بنانے کے لیے خصوصی مہم کا آغاز کر دیا ہے۔ شہریوں نے اس اقدام کا خیر مقدم کیا ہے۔
74
★☆ صبح نو ☆★
ج
باغ (صبح نو) محکمہ تعلیم کے زیر اہتمام اساتذہ کے لیے تربیتی ورکشاپ منعقد ہوئی جس میں جدید تدریسی طریقوں پر روشنی ڈالی گئی اور شرکاء میں اسناد تقسیم کی گئیں۔ میرپور (صبح نو) شہر میں ترقیاتی کاموں کا جائزہ لینے کے لیے اعلیٰ سطحی اجلاس منعقد ہوا جس میں منصوبوں کی بروقت تکمیل کو یقینی بنانے کی ہدایت کی گئی۔
75
★☆ صبح نو ☆★
ج
کوٹلی (صبح نو) پولیس نے کارروائی کرتے ہوئے متعدد ملزمان کو گرفتار کر لیا ہے۔ ترجمان کے مطابق جرائم کی روک تھام کے لیے کارروائیاں جاری رہیں گی۔
76
★☆ صبح نو ☆★
ج
میرپور (صبح نو) شہر میں ترقیاتی کاموں کا جائزہ لینے کے لیے اعلیٰ سطحی اجلاس منعقد ہوا جس میں منصوبوں کی بروقت تکمیل کو یقینی بنانے کی ہدایت کی گئی۔ اسلام آباد (صبح نو) وفاقی وزیر نے کہا ہے کہ ملک کی معیشت بہتری کی جانب گامزن ہے اور آنے والے دنوں میں مزید مثبت اقدامات کیے جائیں گے جس سے عوام کو ریلیف ملے گا۔
77
★☆ صبح نو ☆★
ج
مظفرآباد (صبح نو) حکومت نے عوامی مسائل کے حل کے لیے اہم اقدامات کا اعلان کیا ہے۔ ذرائع کے مطابق متعلقہ محکموں کو فوری طور پر ہدایات جاری کر دی گئی ہیں تاکہ ترقیاتی منصوبوں پر کام تیز کیا جا سکے۔
78
★☆ صبح نو ☆★
ج
اسلام آباد (صبح نو) وفاقی وزیر نے کہا ہے کہ ملک کی معیشت بہتری کی جانب گامزن ہے اور آنے والے دنوں میں مزید مثبت اقدامات کیے جائیں گے جس سے عوام کو ریلیف ملے گا۔ باغ (صبح نو) محکمہ تعلیم کے زیر اہتمام اساتذہ کے لیے تربیتی ورکشاپ منعقد ہوئی جس میں جدید تدریسی طریقوں پر روشنی ڈالی گئی اور شرکاء میں اسناد تقسیم کی گئیں۔
79
★☆ صبح نو ☆★
ج
راولاکوٹ (صبح نو) ضلعی انتظامیہ نے شہر میں صفائی ستھرائی کی صورتحال بہتر بنانے کے لیے خصوصی مہم کا آغاز کر دیا ہے۔ شہریوں نے اس اقدام کا خیر مقدم کیا ہے۔
80
★☆ صبح نو ☆★
ج
باغ (صبح نو) محکمہ تعلیم کے زیر اہتمام اساتذہ کے لیے تربیتی ورکشاپ منعقد ہوئی جس میں جدید تدریسی طریقوں پر روشنی ڈالی گئی اور شرکاء میں اسناد تقسیم کی گئیں۔ میرپور (صبح نو) شہر میں ترقیاتی کاموں کا جائزہ لینے کے لیے اعلیٰ سطحی اجلاس منعقد ہوا جس میں منصوبوں کی بروقت تکمیل کو یقینی بنانے کی ہدایت کی گئی۔
81
★☆ صبح نو ☆★
ج
کوٹلی (صبح نو) پولیس نے کارروائی کرتے ہوئے متعدد ملزمان کو گرفتار کر لیا ہے۔ ترجمان کے مطابق جرائم کی روک تھام کے لیے کارروائیاں جاری رہیں گی۔ مظفرآباد (صبح نو) حکومت نے عوامی مسائل کے حل کے لیے اہم اقدامات کا اعلان کیا ہے۔ ذرائع کے مطابق متعلقہ محکموں کو فوری طور پر ہدایات جاری کر دی گئی ہیں تاکہ ترقیاتی منصوبوں پر کام تیز کیا جا سکے۔
82
★☆ صبح نو ☆★
ج
میرپور (صبح نو) شہر میں ترقیاتی کاموں کا جائزہ لینے کے لیے اعلیٰ سطحی اجلاس منعقد ہوا جس میں منصوبوں کی بروقت تکمیل کو یقینی بنانے کی ہدایت کی گئی۔
83
★☆ صبح نو ☆★
ج
مظفرآباد (صبح نو) حکومت نے عوامی مسائل کے حل کے لیے اہم اقدامات کا اعلان کیا ہے۔ ذرائع کے مطابق متعلقہ محکموں کو فوری طور پر ہدایات جاری کر دی گئی ہیں تاکہ ترقیاتی منصوبوں پر کام تیز کیا جا سکے۔ راولاکوٹ (صبح نو) ضلعی انتظامیہ نے شہر میں صفائی ستھرائی کی صورتحال بہتر بنانے کے لیے خصوصی مہم کا آغاز کر دیا ہے۔ شہریوں نے اس اقدام کا خیر مقدم کیا ہے۔
84
★☆ صبح نو ☆★
ج
اسلام آباد (صبح نو) وفاقی وزیر نے کہا ہے کہ ملک کی معیشت بہتری کی جانب گامزن ہے اور آنے والے دنوں میں مزید مثبت اقدامات کیے جائیں گے جس سے عوام کو ریلیف ملے گا۔
85
★☆ صبح نو ☆★
ج
راولاکوٹ (صبح نو) ضلعی انتظامیہ نے شہر میں صفائی ستھرائی کی صورتحال بہتر بنانے کے لیے خصوصی مہم کا آغاز کر دیا ہے۔ شہریوں نے اس اقدام کا خیر مقدم کیا ہے۔ کوٹلی (صبح نو) پولیس نے کارروائی کرتے ہوئے متعدد ملزمان کو گرفتار کر لیا ہے۔ ترجمان کے مطابق جرائم کی روک تھام کے لیے کارروائیاں جاری رہیں گی۔
86
★☆ صبح نو ☆★
ج
باغ (صبح نو) محکمہ تعلیم کے زیر اہتمام اساتذہ کے لیے تربیتی ورکشاپ منعقد ہوئی جس میں جدید تدریسی طریقوں پر روشنی ڈالی گئی اور شرکاء میں اسناد تقسیم کی گئیں۔
87
★☆ صبح نو ☆★
ج
کوٹلی (صبح نو) پولیس نے کارروائی کرتے ہوئے متعدد ملزمان کو گرفتار کر لیا ہے۔ ترجمان کے مطابق جرائم کی روک تھام کے لیے کارروائیاں جاری رہیں گی۔ مظفرآباد (صبح نو) حکومت نے عوامی مسائل کے حل کے لیے اہم اقدامات کا اعلان کیا ہے۔ ذرائع کے مطابق متعلقہ محکموں کو فوری طور پر ہدایات جاری کر دی گئی ہیں تاکہ ترقیاتی منصوبوں پر کام تیز کیا جا سکے۔
88
★☆ صبح نو ☆★
ج
میرپور (صبح نو) شہر میں ترقیاتی کاموں کا جائزہ لینے کے لیے اعلیٰ سطحی اجلاس منعقد ہوا جس میں منصوبوں کی بروقت تکمیل کو یقینی بنانے کی ہدایت کی گئی۔
89
★☆ صبح نو ☆★
ج
مظفرآباد (صبح نو) حکومت نے عوامی مسائل کے حل کے لیے اہم اقدامات کا اعلان کیا ہے۔ ذرائع کے مطابق متعلقہ محکموں کو فوری طور پر ہدایات جاری کر دی گئی ہیں تاکہ ترقیاتی منصوبوں پر کام تیز کیا جا سکے۔ راولاکوٹ (صبح نو) ضلعی انتظامیہ نے شہر میں صفائی ستھرائی کی صورتحال بہتر بنانے کے لیے خصوصی مہم کا آغاز کر دیا ہے۔ شہریوں نے اس اقدام کا خیر مقدم کیا ہے۔
90
★☆ صبح نو ☆★
ج
اسلام آباد (صبح نو) وفاقی وزیر نے کہا ہے کہ ملک کی معیشت بہتری کی جانب گامزن ہے اور آنے والے دنوں میں مزید مثبت اقدامات کیے جائیں گے جس سے عوام کو ریلیف ملے گا۔
★★★★★★
